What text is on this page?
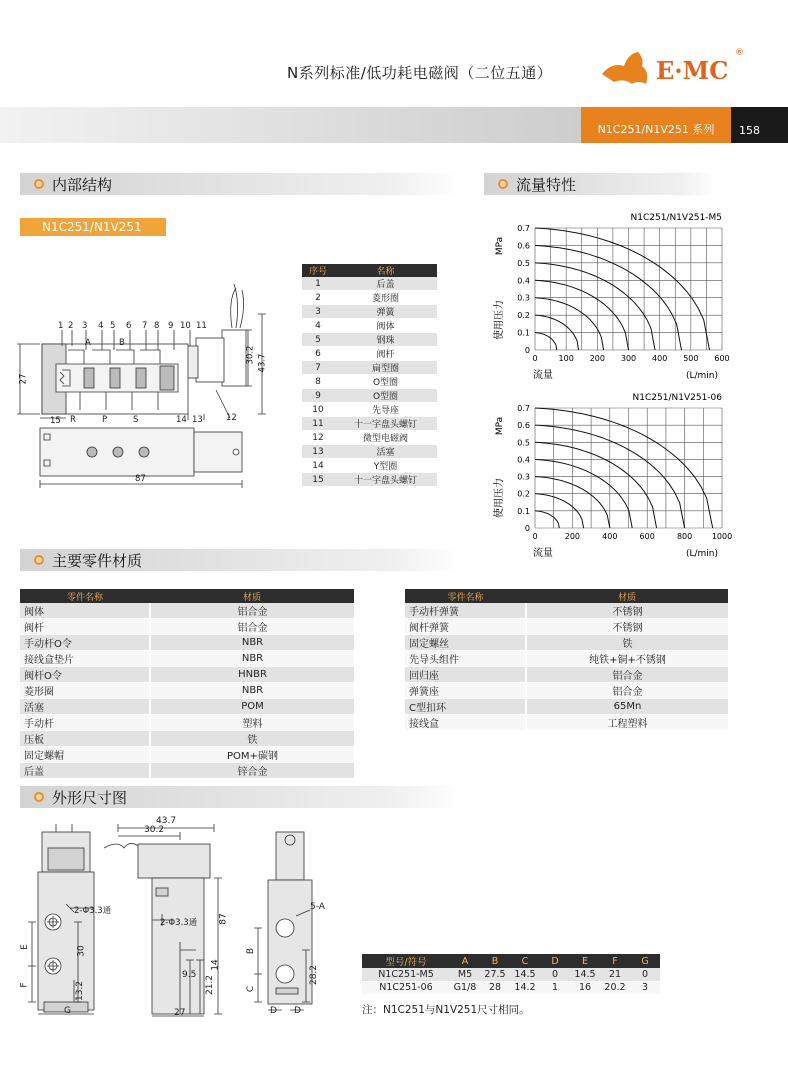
N系列标准/低功耗电磁阀（二位五通）	E·MC
®
N1C251/N1V251 系列	158
内部结构	流量特性
主要零件材质
外形尺寸图
N1C251/N1V251
1 2 3 4 5 6 7 8 9 10 11
A	B
R	P	S
15	14 13	12
27
30.2 43.7
87
序号	名称
1	后盖
2	菱形圈
3	弹簧
4	阀体
5	钢珠
6	阀杆
7	扁型圈
8	O型圈
9	O型圈
10	先导座
11	十一字盘头螺钉
12	微型电磁阀
13	活塞
14	Y型圈
15	十一字盘头螺钉
N1C251/N1V251-M5
0	100 200 300 400 500 600
0
0.1
0.2
0.3
0.4
0.5
0.6
0.7
MPa
使用压力
流量	(L/min)
N1C251/N1V251-06
0	200	400	600	800 1000
0
0.1
0.2
0.3
0.4
0.5
0.6
0.7
MPa
使用压力
流量	(L/min)
零件名称	材质
阀体	铝合金
阀杆	铝合金
手动杆O令	NBR
接线盒垫片	NBR
阀杆O令	HNBR
菱形圈	NBR
活塞	POM
手动杆	塑料
压板	铁
固定螺帽	POM+碳钢
后盖	锌合金
零件名称	材质
手动杆弹簧	不锈钢
阀杆弹簧	不锈钢
固定螺丝	铁
先导头组件	纯铁+铜+不锈钢
回归座	铝合金
弹簧座	铝合金
C型扣环	65Mn
接线盒	工程塑料
2-Φ3.3通
2-Φ3.3通
43.7
30.2
87
27
30
13.2
9.5 21.2
14	28.2
5-A
E
F
G
B
C
D D
型号/符号	A	B	C	D	E	F	G
N1C251-M5	M5	27.5	14.5	0	14.5	21	0
N1C251-06	G1/8	28	14.2	1	16	20.2	3
注：N1C251与N1V251尺寸相同。
